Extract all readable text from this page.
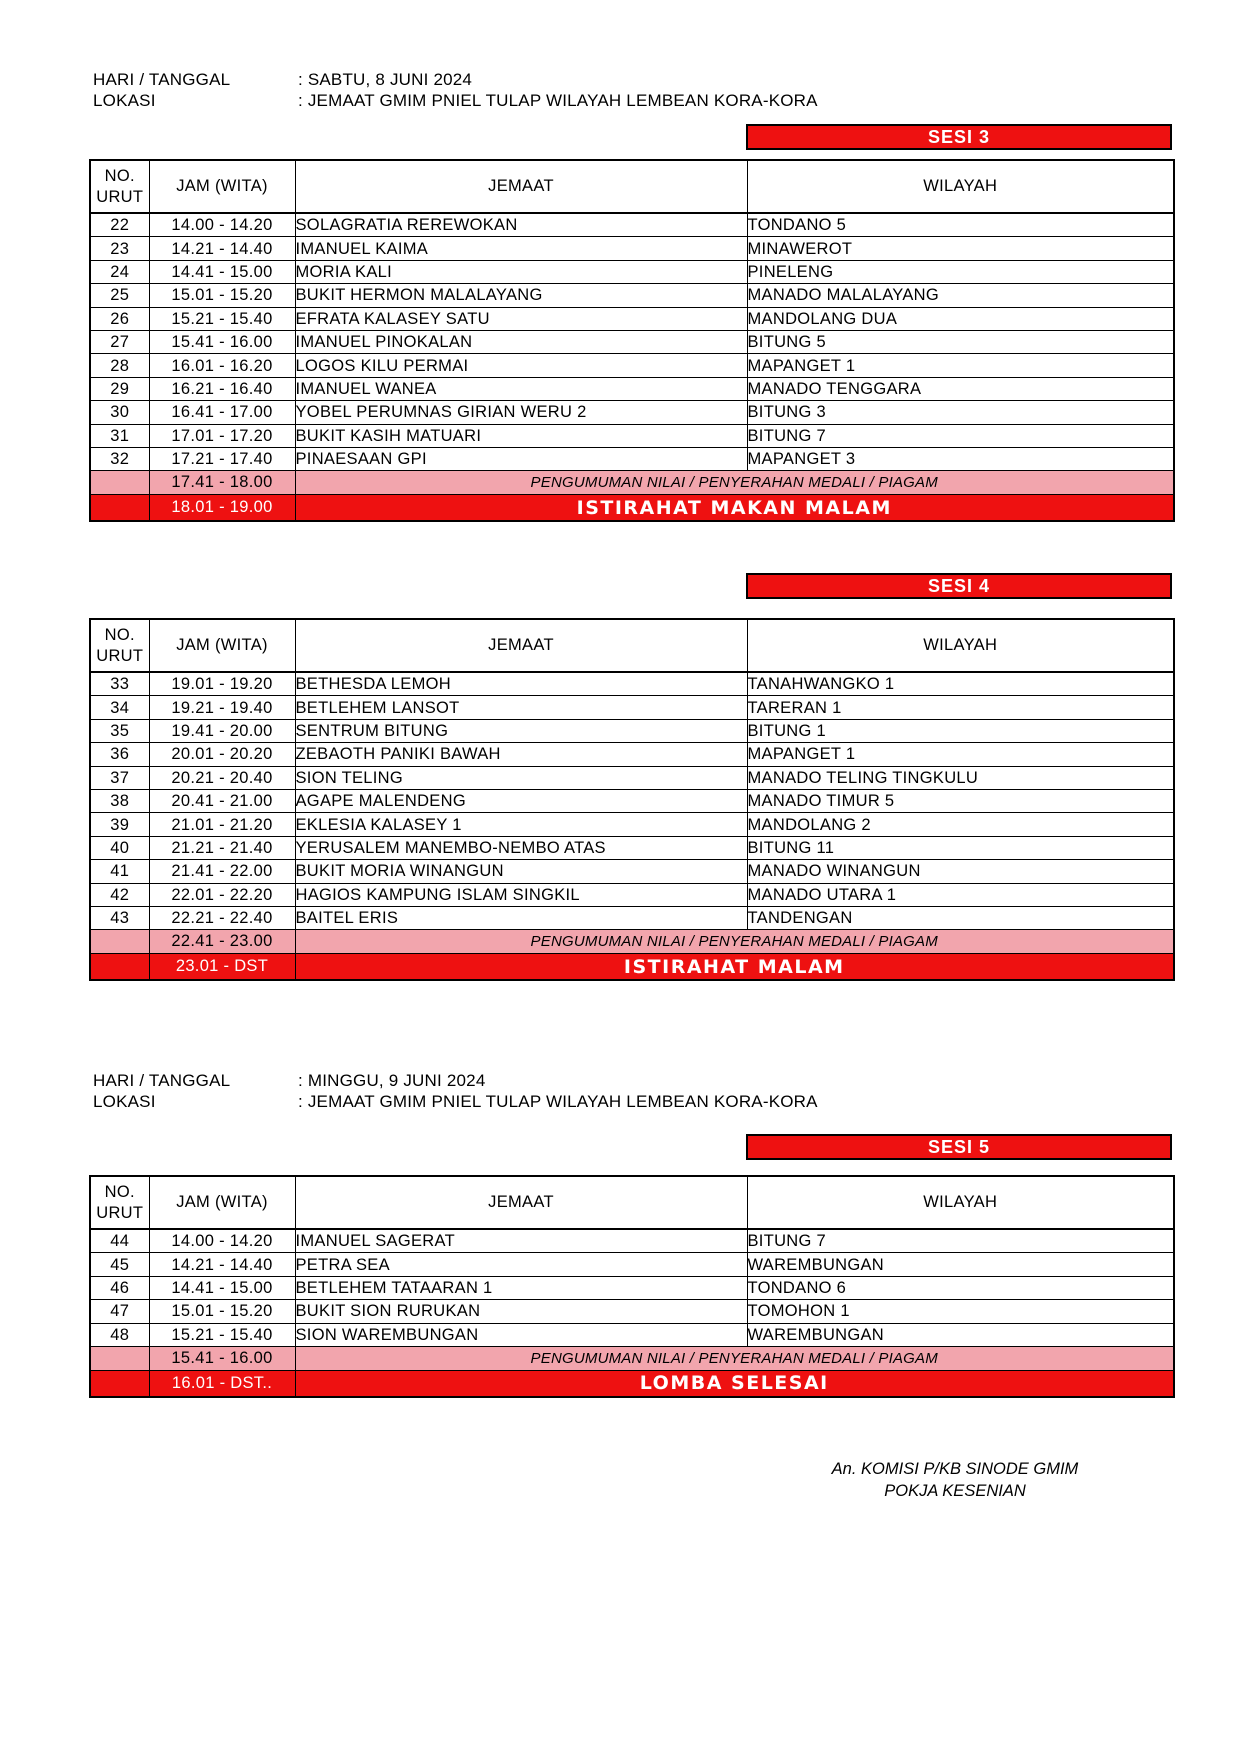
HARI / TANGGAL	: SABTU, 8 JUNI 2024
LOKASI	: JEMAAT GMIM PNIEL TULAP WILAYAH LEMBEAN KORA-KORA
SESI 3
NO. URUT	JAM (WITA)	JEMAAT	WILAYAH
22	14.00 - 14.20	SOLAGRATIA REREWOKAN	TONDANO 5
23	14.21 - 14.40	IMANUEL KAIMA	MINAWEROT
24	14.41 - 15.00	MORIA KALI	PINELENG
25	15.01 - 15.20	BUKIT HERMON MALALAYANG	MANADO MALALAYANG
26	15.21 - 15.40	EFRATA KALASEY SATU	MANDOLANG DUA
27	15.41 - 16.00	IMANUEL PINOKALAN	BITUNG 5
28	16.01 - 16.20	LOGOS KILU PERMAI	MAPANGET 1
29	16.21 - 16.40	IMANUEL WANEA	MANADO TENGGARA
30	16.41 - 17.00	YOBEL PERUMNAS GIRIAN WERU 2	BITUNG 3
31	17.01 - 17.20	BUKIT KASIH MATUARI	BITUNG 7
32	17.21 - 17.40	PINAESAAN GPI	MAPANGET 3
	17.41 - 18.00	PENGUMUMAN NILAI / PENYERAHAN MEDALI / PIAGAM	
	18.01 - 19.00	ISTIRAHAT MAKAN MALAM	
SESI 4
NO. URUT	JAM (WITA)	JEMAAT	WILAYAH
33	19.01 - 19.20	BETHESDA LEMOH	TANAHWANGKO 1
34	19.21 - 19.40	BETLEHEM LANSOT	TARERAN 1
35	19.41 - 20.00	SENTRUM BITUNG	BITUNG 1
36	20.01 - 20.20	ZEBAOTH PANIKI BAWAH	MAPANGET 1
37	20.21 - 20.40	SION TELING	MANADO TELING TINGKULU
38	20.41 - 21.00	AGAPE MALENDENG	MANADO TIMUR 5
39	21.01 - 21.20	EKLESIA KALASEY 1	MANDOLANG 2
40	21.21 - 21.40	YERUSALEM MANEMBO-NEMBO ATAS	BITUNG 11
41	21.41 - 22.00	BUKIT MORIA WINANGUN	MANADO WINANGUN
42	22.01 - 22.20	HAGIOS KAMPUNG ISLAM SINGKIL	MANADO UTARA 1
43	22.21 - 22.40	BAITEL ERIS	TANDENGAN
	22.41 - 23.00	PENGUMUMAN NILAI / PENYERAHAN MEDALI / PIAGAM	
	23.01 - DST	ISTIRAHAT MALAM	
HARI / TANGGAL	: MINGGU, 9 JUNI 2024
LOKASI	: JEMAAT GMIM PNIEL TULAP WILAYAH LEMBEAN KORA-KORA
SESI 5
NO. URUT	JAM (WITA)	JEMAAT	WILAYAH
44	14.00 - 14.20	IMANUEL SAGERAT	BITUNG 7
45	14.21 - 14.40	PETRA SEA	WAREMBUNGAN
46	14.41 - 15.00	BETLEHEM TATAARAN 1	TONDANO 6
47	15.01 - 15.20	BUKIT SION RURUKAN	TOMOHON 1
48	15.21 - 15.40	SION WAREMBUNGAN	WAREMBUNGAN
	15.41 - 16.00	PENGUMUMAN NILAI / PENYERAHAN MEDALI / PIAGAM	
	16.01 - DST..	LOMBA SELESAI	
An. KOMISI P/KB SINODE GMIM
POKJA KESENIAN
